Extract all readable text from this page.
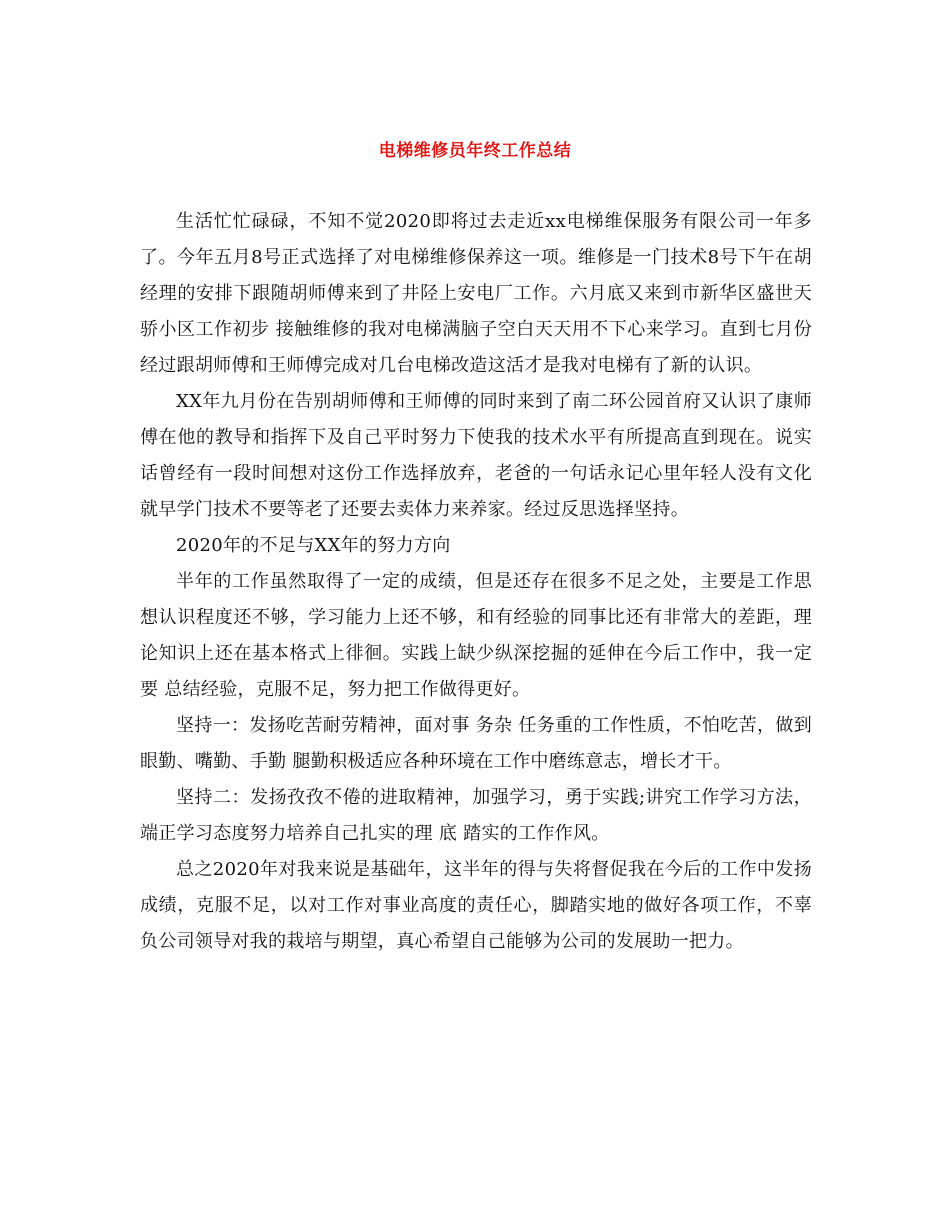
电梯维修员年终工作总结

生活忙忙碌碌，不知不觉2020即将过去走近xx电梯维保服务有限公司一年多了。今年五月8号正式选择了对电梯维修保养这一项。维修是一门技术8号下午在胡经理的安排下跟随胡师傅来到了井陉上安电厂工作。六月底又来到市新华区盛世天骄小区工作初步 接触维修的我对电梯满脑子空白天天用不下心来学习。直到七月份经过跟胡师傅和王师傅完成对几台电梯改造这活才是我对电梯有了新的认识。

XX年九月份在告别胡师傅和王师傅的同时来到了南二环公园首府又认识了康师傅在他的教导和指挥下及自己平时努力下使我的技术水平有所提高直到现在。说实话曾经有一段时间想对这份工作选择放弃，老爸的一句话永记心里年轻人没有文化就早学门技术不要等老了还要去卖体力来养家。经过反思选择坚持。

2020年的不足与XX年的努力方向

半年的工作虽然取得了一定的成绩，但是还存在很多不足之处，主要是工作思想认识程度还不够，学习能力上还不够，和有经验的同事比还有非常大的差距，理论知识上还在基本格式上徘徊。实践上缺少纵深挖掘的延伸在今后工作中，我一定要 总结经验，克服不足，努力把工作做得更好。

坚持一：发扬吃苦耐劳精神，面对事 务杂 任务重的工作性质，不怕吃苦，做到眼勤、嘴勤、手勤 腿勤积极适应各种环境在工作中磨练意志，增长才干。

坚持二：发扬孜孜不倦的进取精神，加强学习，勇于实践;讲究工作学习方法，端正学习态度努力培养自己扎实的理 底 踏实的工作作风。

总之2020年对我来说是基础年，这半年的得与失将督促我在今后的工作中发扬成绩，克服不足，以对工作对事业高度的责任心，脚踏实地的做好各项工作，不辜负公司领导对我的栽培与期望，真心希望自己能够为公司的发展助一把力。
